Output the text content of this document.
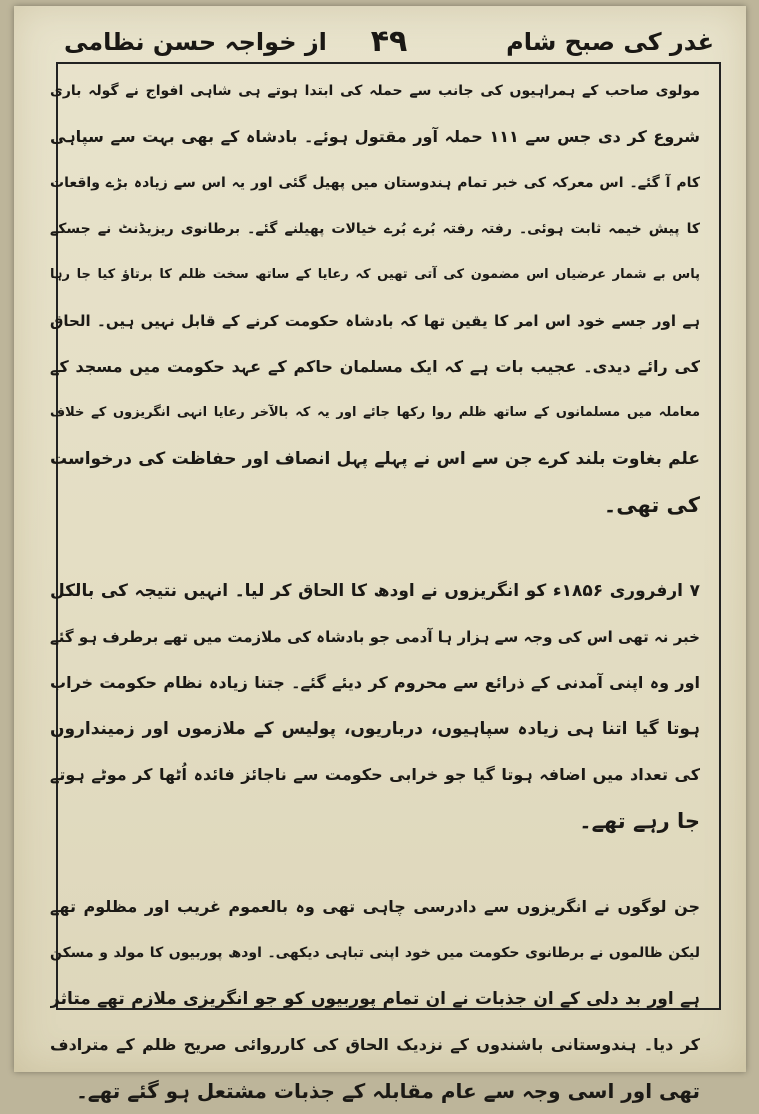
غدر کی صبح شام
۴۹
از خواجہ حسن نظامی
مولوی صاحب کے ہمراہیوں کی جانب سے حملہ کی ابتدا ہوتے ہی شاہی افواج نے گولہ باری
شروع کر دی جس سے ۱۱۱ حملہ آور مقتول ہوئے۔ بادشاہ کے بھی بہت سے سپاہی
کام آ گئے۔ اس معرکہ کی خبر تمام ہندوستان میں پھیل گئی اور یہ اس سے زیادہ بڑے واقعات
کا پیش خیمہ ثابت ہوئی۔ رفتہ رفتہ بُرے بُرے خیالات پھیلنے گئے۔ برطانوی ریزیڈنٹ نے جسکے
پاس بے شمار عرضیاں اس مضمون کی آتی تھیں کہ رعایا کے ساتھ سخت ظلم کا برتاؤ کیا جا رہا
ہے اور جسے خود اس امر کا یقین تھا کہ بادشاہ حکومت کرنے کے قابل نہیں ہیں۔ الحاق
کی رائے دیدی۔ عجیب بات ہے کہ ایک مسلمان حاکم کے عہد حکومت میں مسجد کے
معاملہ میں مسلمانوں کے ساتھ ظلم روا رکھا جائے اور یہ کہ بالآخر رعایا انہی انگریزوں کے خلاف
علم بغاوت بلند کرے جن سے اس نے پہلے پہل انصاف اور حفاظت کی درخواست
کی تھی۔
۷ ارفروری ۱۸۵۶ء کو انگریزوں نے اودھ کا الحاق کر لیا۔ انہیں نتیجہ کی بالکل
خبر نہ تھی اس کی وجہ سے ہزار ہا آدمی جو بادشاہ کی ملازمت میں تھے برطرف ہو گئے
اور وہ اپنی آمدنی کے ذرائع سے محروم کر دیئے گئے۔ جتنا زیادہ نظام حکومت خراب
ہوتا گیا اتنا ہی زیادہ سپاہیوں، درباریوں، پولیس کے ملازموں اور زمینداروں
کی تعداد میں اضافہ ہوتا گیا جو خرابی حکومت سے ناجائز فائدہ اُٹھا کر موٹے ہوتے
جا رہے تھے۔
جن لوگوں نے انگریزوں سے دادرسی چاہی تھی وہ بالعموم غریب اور مظلوم تھے
لیکن ظالموں نے برطانوی حکومت میں خود اپنی تباہی دیکھی۔ اودھ پوربیوں کا مولد و مسکن
ہے اور بد دلی کے ان جذبات نے ان تمام پوربیوں کو جو انگریزی ملازم تھے متاثر
کر دیا۔ ہندوستانی باشندوں کے نزدیک الحاق کی کارروائی صریح ظلم کے مترادف
تھی اور اسی وجہ سے عام مقابلہ کے جذبات مشتعل ہو گئے تھے۔
